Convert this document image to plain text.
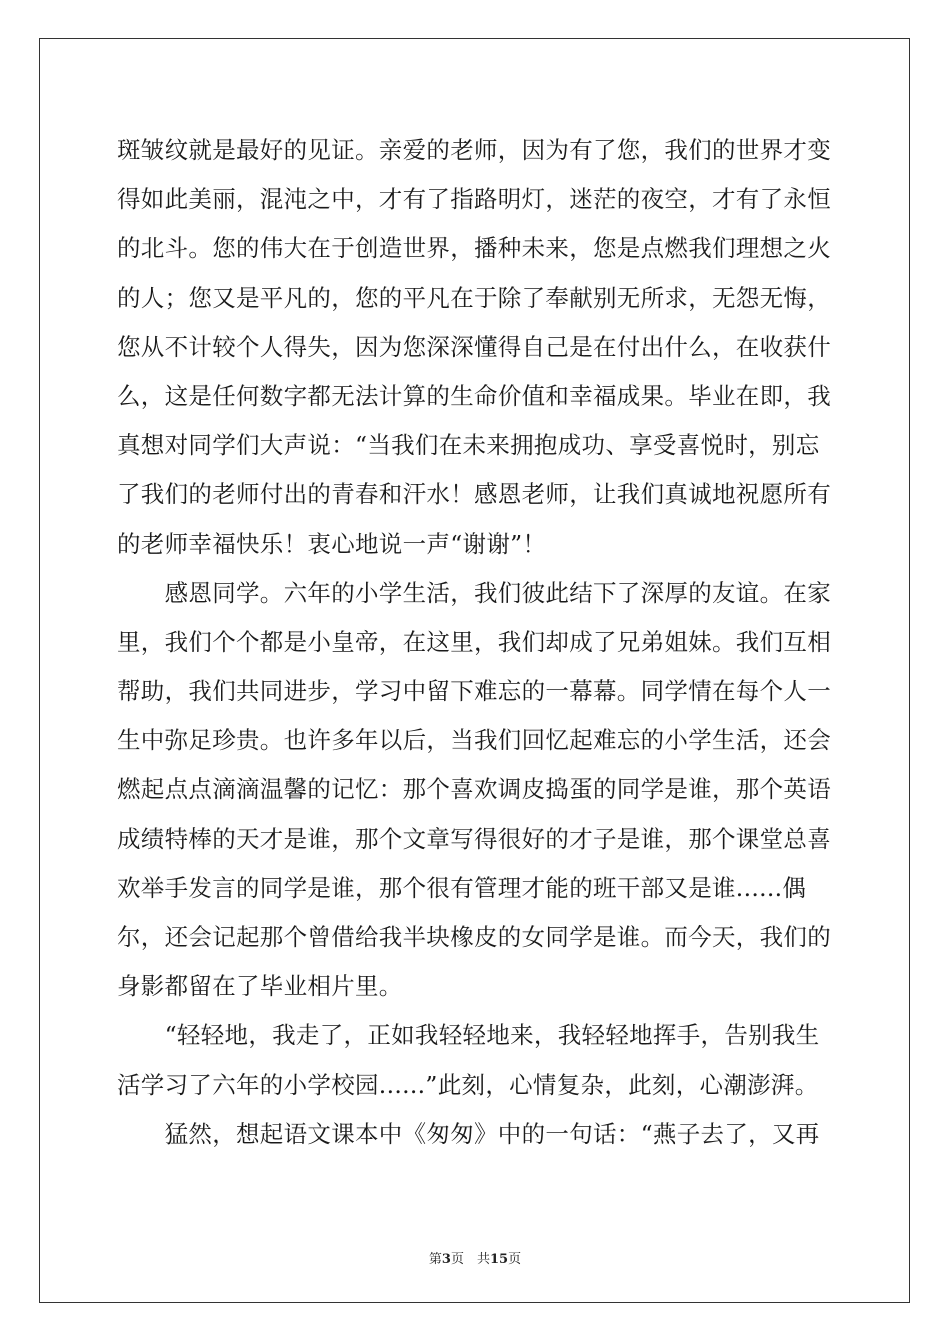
斑皱纹就是最好的见证。亲爱的老师，因为有了您，我们的世界才变
得如此美丽，混沌之中，才有了指路明灯，迷茫的夜空，才有了永恒
的北斗。您的伟大在于创造世界，播种未来，您是点燃我们理想之火
的人；您又是平凡的，您的平凡在于除了奉献别无所求，无怨无悔，
您从不计较个人得失，因为您深深懂得自己是在付出什么，在收获什
么，这是任何数字都无法计算的生命价值和幸福成果。毕业在即，我
真想对同学们大声说：“当我们在未来拥抱成功、享受喜悦时，别忘
了我们的老师付出的青春和汗水！感恩老师，让我们真诚地祝愿所有
的老师幸福快乐！衷心地说一声“谢谢”！
　　感恩同学。六年的小学生活，我们彼此结下了深厚的友谊。在家
里，我们个个都是小皇帝，在这里，我们却成了兄弟姐妹。我们互相
帮助，我们共同进步，学习中留下难忘的一幕幕。同学情在每个人一
生中弥足珍贵。也许多年以后，当我们回忆起难忘的小学生活，还会
燃起点点滴滴温馨的记忆：那个喜欢调皮捣蛋的同学是谁，那个英语
成绩特棒的天才是谁，那个文章写得很好的才子是谁，那个课堂总喜
欢举手发言的同学是谁，那个很有管理才能的班干部又是谁......偶
尔，还会记起那个曾借给我半块橡皮的女同学是谁。而今天，我们的
身影都留在了毕业相片里。
　　“轻轻地，我走了，正如我轻轻地来，我轻轻地挥手，告别我生
活学习了六年的小学校园......”此刻，心情复杂，此刻，心潮澎湃。
　　猛然，想起语文课本中《匆匆》中的一句话：“燕子去了，又再
第3页　共15页
